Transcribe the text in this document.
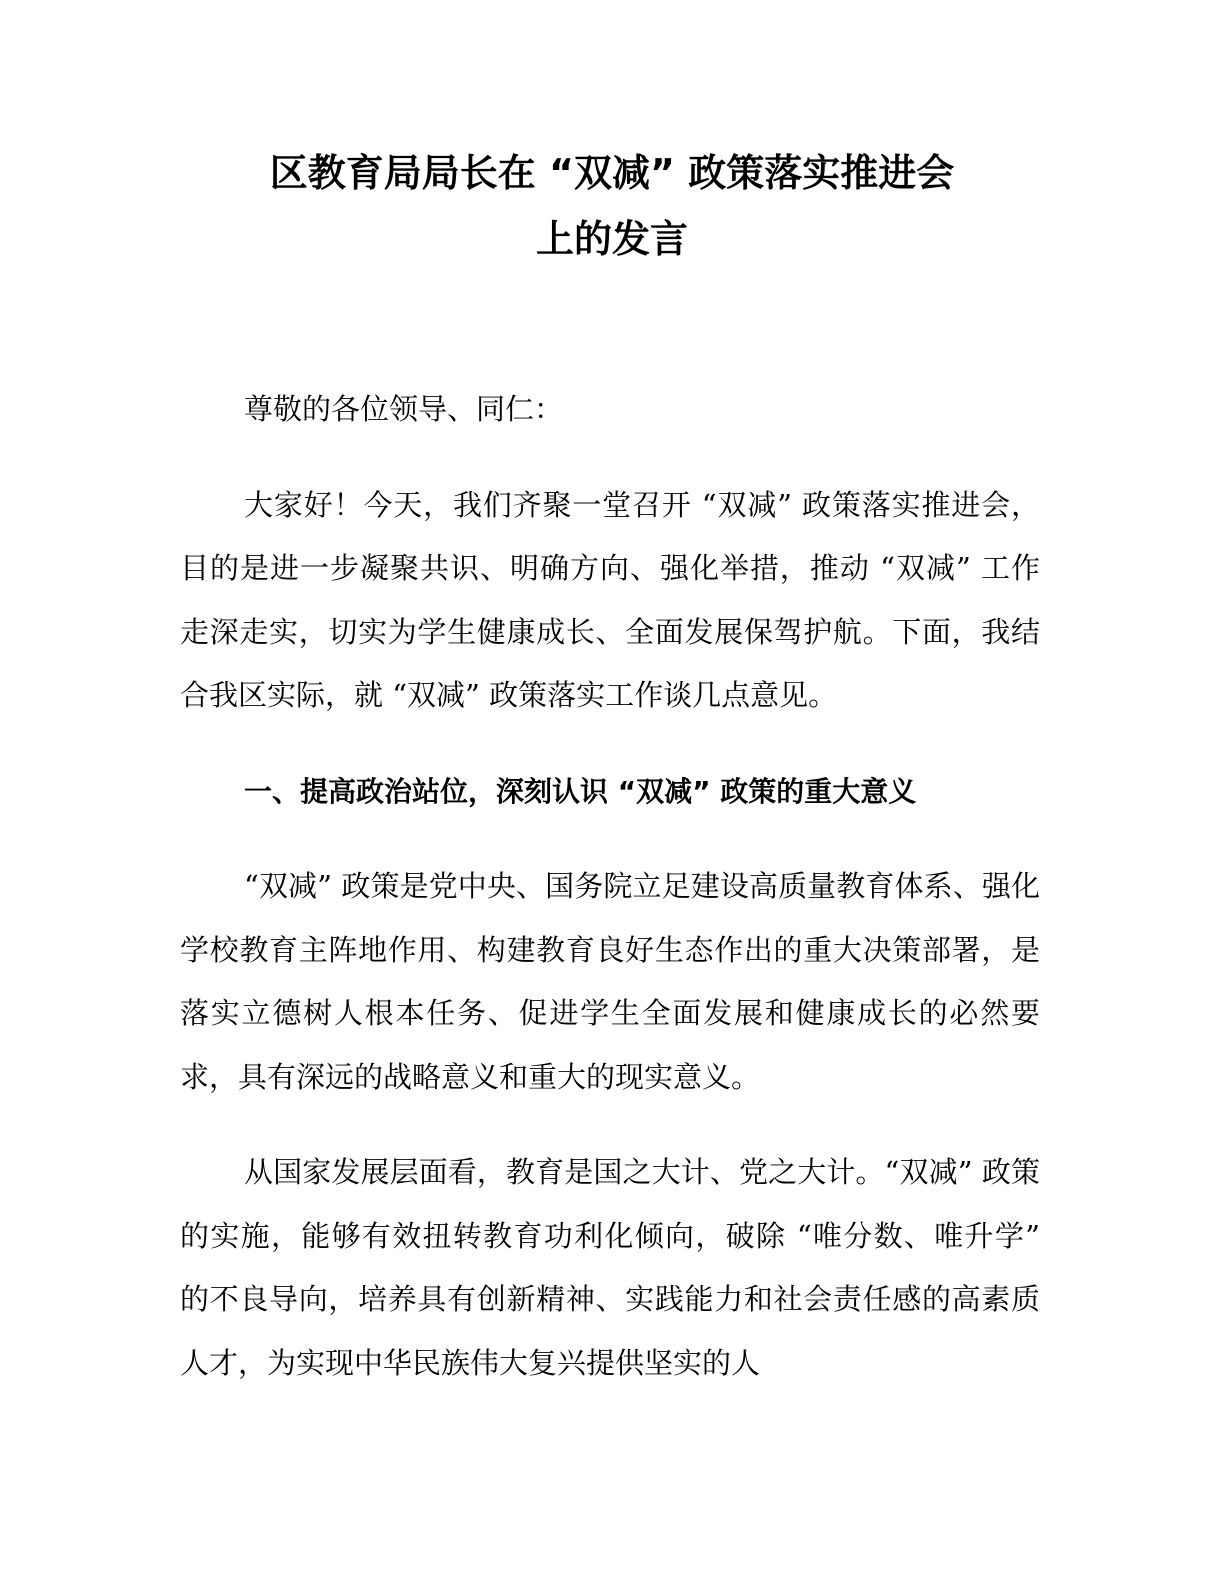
区教育局局长在 “双减” 政策落实推进会
上的发言

尊敬的各位领导、同仁：

大家好！今天，我们齐聚一堂召开 “双减” 政策落实推进会，目的是进一步凝聚共识、明确方向、强化举措，推动 “双减” 工作走深走实，切实为学生健康成长、全面发展保驾护航。下面，我结合我区实际，就 “双减” 政策落实工作谈几点意见。

一、提高政治站位，深刻认识 “双减” 政策的重大意义

“双减” 政策是党中央、国务院立足建设高质量教育体系、强化学校教育主阵地作用、构建教育良好生态作出的重大决策部署，是落实立德树人根本任务、促进学生全面发展和健康成长的必然要求，具有深远的战略意义和重大的现实意义。

从国家发展层面看，教育是国之大计、党之大计。“双减” 政策的实施，能够有效扭转教育功利化倾向，破除 “唯分数、唯升学” 的不良导向，培养具有创新精神、实践能力和社会责任感的高素质人才，为实现中华民族伟大复兴提供坚实的人
